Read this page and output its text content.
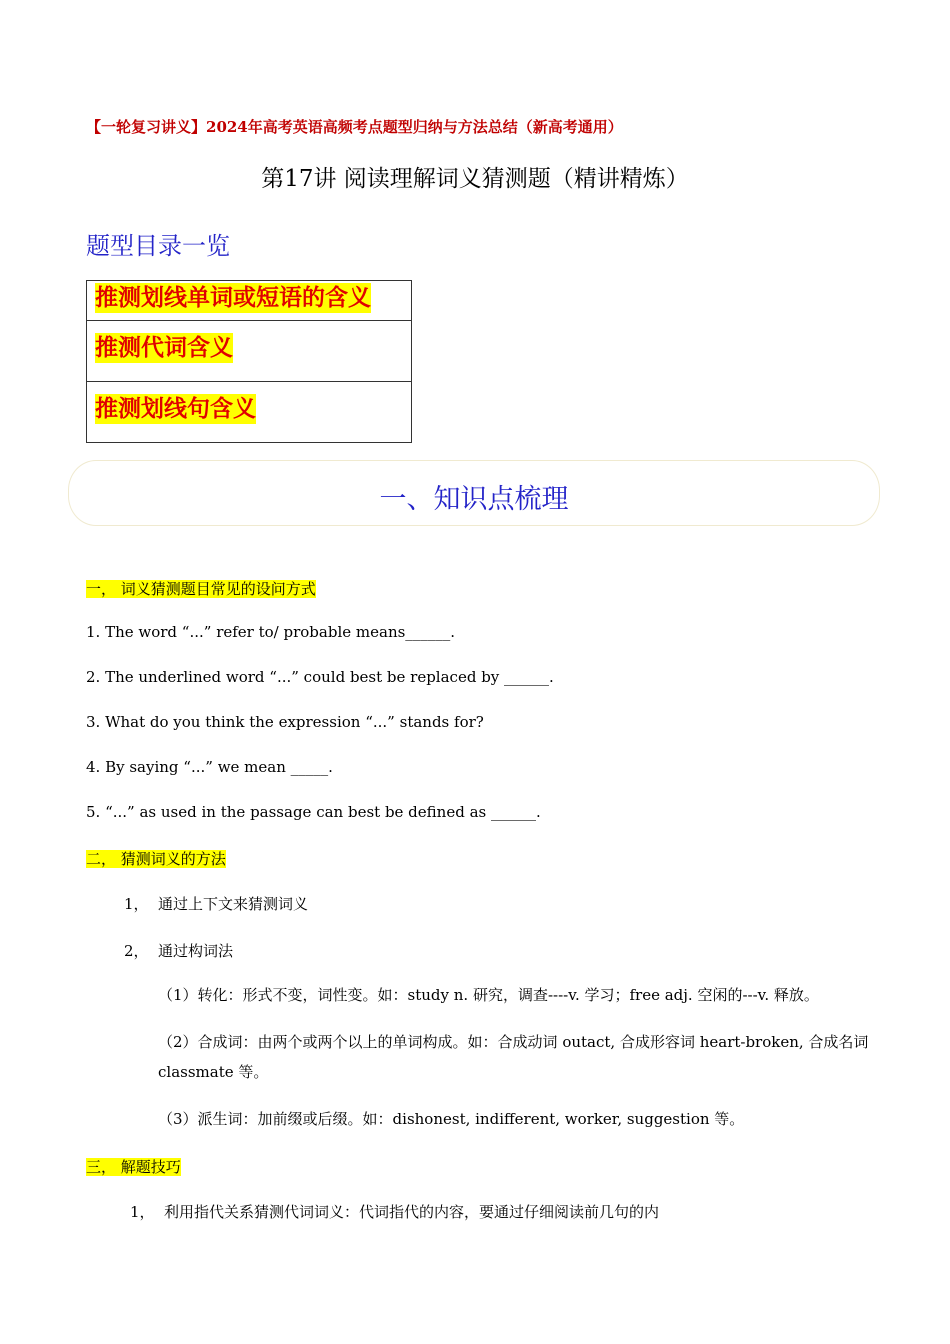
【一轮复习讲义】2024年高考英语高频考点题型归纳与方法总结（新高考通用）
第17讲 阅读理解词义猜测题（精讲精炼）
题型目录一览
推测划线单词或短语的含义
推测代词含义
推测划线句含义
一、知识点梳理
一， 词义猜测题目常见的设问方式
1. The word “...” refer to/ probable means______.
2. The underlined word “...” could best be replaced by ______.
3. What do you think the expression “...” stands for?
4. By saying “...” we mean _____.
5. “...” as used in the passage can best be defined as ______.
二， 猜测词义的方法
1， 通过上下文来猜测词义
2， 通过构词法
（1）转化：形式不变，词性变。如：study n. 研究，调查----v. 学习；free adj. 空闲的---v. 释放。
（2）合成词：由两个或两个以上的单词构成。如：合成动词 outact, 合成形容词 heart-broken, 合成名词 classmate 等。
（3）派生词：加前缀或后缀。如：dishonest, indifferent, worker, suggestion 等。
三， 解题技巧
1， 利用指代关系猜测代词词义：代词指代的内容，要通过仔细阅读前几句的内
